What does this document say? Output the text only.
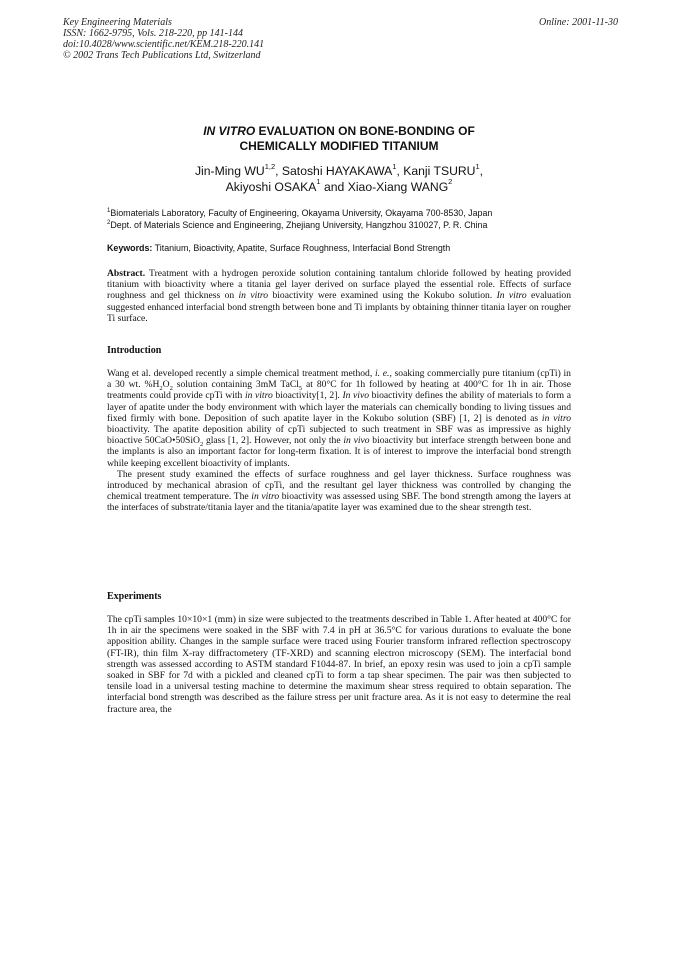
Key Engineering Materials
ISSN: 1662-9795, Vols. 218-220, pp 141-144
doi:10.4028/www.scientific.net/KEM.218-220.141
© 2002 Trans Tech Publications Ltd, Switzerland
Online: 2001-11-30
IN VITRO EVALUATION ON BONE-BONDING OF
CHEMICALLY MODIFIED TITANIUM
Jin-Ming WU$^{1,2}$, Satoshi HAYAKAWA$^1$, Kanji TSURU$^1$,
Akiyoshi OSAKA$^1$ and Xiao-Xiang WANG$^2$
$^1$Biomaterials Laboratory, Faculty of Engineering, Okayama University, Okayama 700-8530, Japan
$^2$Dept. of Materials Science and Engineering, Zhejiang University, Hangzhou 310027, P. R. China
Keywords: Titanium, Bioactivity, Apatite, Surface Roughness, Interfacial Bond Strength
Abstract. Treatment with a hydrogen peroxide solution containing tantalum chloride followed by heating provided titanium with bioactivity where a titania gel layer derived on surface played the essential role. Effects of surface roughness and gel thickness on in vitro bioactivity were examined using the Kokubo solution. In vitro evaluation suggested enhanced interfacial bond strength between bone and Ti implants by obtaining thinner titania layer on rougher Ti surface.
Introduction
Wang et al. developed recently a simple chemical treatment method, i. e., soaking commercially pure titanium (cpTi) in a 30 wt. $\%H_2O_2$ solution containing 3mM TaCl$_5$ at 80°C for 1h followed by heating at 400°C for 1h in air. Those treatments could provide cpTi with in vitro bioactivity[1, 2]. In vivo bioactivity defines the ability of materials to form a layer of apatite under the body environment with which layer the materials can chemically bonding to living tissues and fixed firmly with bone. Deposition of such apatite layer in the Kokubo solution (SBF) [1, 2] is denoted as in vitro bioactivity. The apatite deposition ability of cpTi subjected to such treatment in SBF was as impressive as highly bioactive 50CaO•50SiO$_2$ glass [1, 2]. However, not only the in vivo bioactivity but interface strength between bone and the implants is also an important factor for long-term fixation. It is of interest to improve the interfacial bond strength while keeping excellent bioactivity of implants.
The present study examined the effects of surface roughness and gel layer thickness. Surface roughness was introduced by mechanical abrasion of cpTi, and the resultant gel layer thickness was controlled by changing the chemical treatment temperature. The in vitro bioactivity was assessed using SBF. The bond strength among the layers at the interfaces of substrate/titania layer and the titania/apatite layer was examined due to the shear strength test.
Experiments
The cpTi samples 10×10×1 (mm) in size were subjected to the treatments described in Table 1. After heated at 400°C for 1h in air the specimens were soaked in the SBF with 7.4 in pH at 36.5°C for various durations to evaluate the bone apposition ability. Changes in the sample surface were traced using Fourier transform infrared reflection spectroscopy (FT-IR), thin film X-ray diffractometery (TF-XRD) and scanning electron microscopy (SEM). The interfacial bond strength was assessed according to ASTM standard F1044-87. In brief, an epoxy resin was used to join a cpTi sample soaked in SBF for 7d with a pickled and cleaned cpTi to form a tap shear specimen. The pair was then subjected to tensile load in a universal testing machine to determine the maximum shear stress required to obtain separation. The interfacial bond strength was described as the failure stress per unit fracture area. As it is not easy to determine the real fracture area, the
